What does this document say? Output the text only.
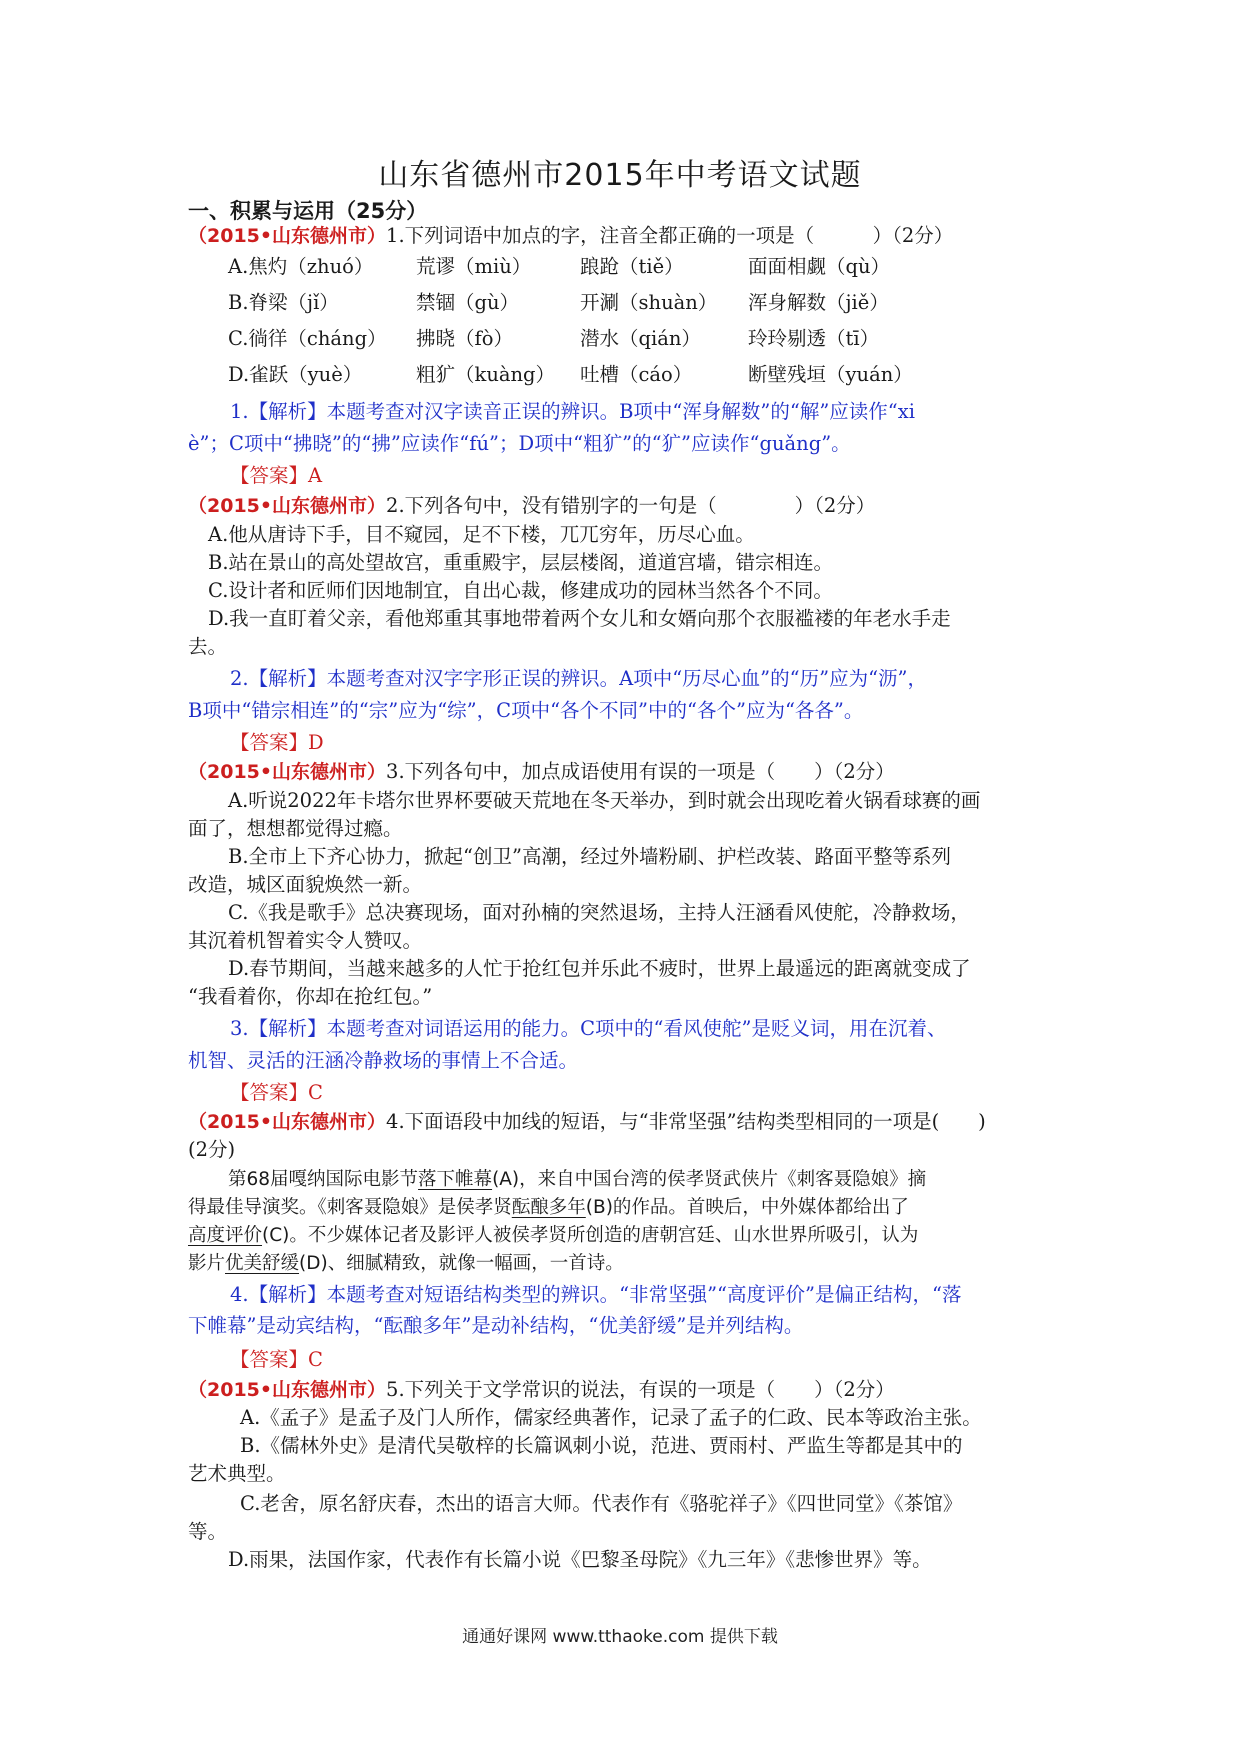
山东省德州市2015年中考语文试题
一、积累与运用（25分）
（2015•山东德州市）1.下列词语中加点的字，注音全都正确的一项是（　　　）（2分）
A.焦灼（zhuó） 荒谬（miù） 踉跄（tiě）	面面相觑（qù）
B.脊梁（jǐ）	禁锢（gù）	开涮（shuàn） 浑身解数（jiě）
C.徜徉（cháng） 拂晓（fò）	潜水（qián） 玲玲剔透（tī）
D.雀跃（yuè）	粗犷（kuàng） 吐槽（cáo）	断壁残垣（yuán）
1.【解析】本题考查对汉字读音正误的辨识。B项中“浑身解数”的“解”应读作“xi
è”；C项中“拂晓”的“拂”应读作“fú”；D项中“粗犷”的“犷”应读作“guǎng”。
【答案】A
（2015•山东德州市）2.下列各句中，没有错别字的一句是（　　　　）（2分）
A.他从唐诗下手，目不窥园，足不下楼，兀兀穷年，历尽心血。
B.站在景山的高处望故宫，重重殿宇，层层楼阁，道道宫墙，错宗相连。
C.设计者和匠师们因地制宜，自出心裁，修建成功的园林当然各个不同。
D.我一直盯着父亲，看他郑重其事地带着两个女儿和女婿向那个衣服褴褛的年老水手走
去。
2.【解析】本题考查对汉字字形正误的辨识。A项中“历尽心血”的“历”应为“沥”，
B项中“错宗相连”的“宗”应为“综”，C项中“各个不同”中的“各个”应为“各各”。
【答案】D
（2015•山东德州市）3.下列各句中，加点成语使用有误的一项是（　　）（2分）
A.听说2022年卡塔尔世界杯要破天荒地在冬天举办，到时就会出现吃着火锅看球赛的画
面了，想想都觉得过瘾。
B.全市上下齐心协力，掀起“创卫”高潮，经过外墙粉刷、护栏改装、路面平整等系列
改造，城区面貌焕然一新。
C.《我是歌手》总决赛现场，面对孙楠的突然退场，主持人汪涵看风使舵，冷静救场，
其沉着机智着实令人赞叹。
D.春节期间，当越来越多的人忙于抢红包并乐此不疲时，世界上最遥远的距离就变成了
“我看着你，你却在抢红包。”
3.【解析】本题考查对词语运用的能力。C项中的“看风使舵”是贬义词，用在沉着、
机智、灵活的汪涵冷静救场的事情上不合适。
【答案】C
（2015•山东德州市）4.下面语段中加线的短语，与“非常坚强”结构类型相同的一项是(　　)
(2分)
第68届嘎纳国际电影节落下帷幕(A)，来自中国台湾的侯孝贤武侠片《刺客聂隐娘》摘
得最佳导演奖。《刺客聂隐娘》是侯孝贤酝酿多年(B)的作品。首映后，中外媒体都给出了
高度评价(C)。不少媒体记者及影评人被侯孝贤所创造的唐朝宫廷、山水世界所吸引，认为
影片优美舒缓(D)、细腻精致，就像一幅画，一首诗。
4.【解析】本题考查对短语结构类型的辨识。“非常坚强”“高度评价”是偏正结构，“落
下帷幕”是动宾结构，“酝酿多年”是动补结构，“优美舒缓”是并列结构。
【答案】C
（2015•山东德州市）5.下列关于文学常识的说法，有误的一项是（　　）（2分）
A.《孟子》是孟子及门人所作，儒家经典著作，记录了孟子的仁政、民本等政治主张。
B.《儒林外史》是清代吴敬梓的长篇讽刺小说，范进、贾雨村、严监生等都是其中的
艺术典型。
C.老舍，原名舒庆春，杰出的语言大师。代表作有《骆驼祥子》《四世同堂》《茶馆》
等。
D.雨果，法国作家，代表作有长篇小说《巴黎圣母院》《九三年》《悲惨世界》等。
通通好课网 www.tthaoke.com 提供下载
